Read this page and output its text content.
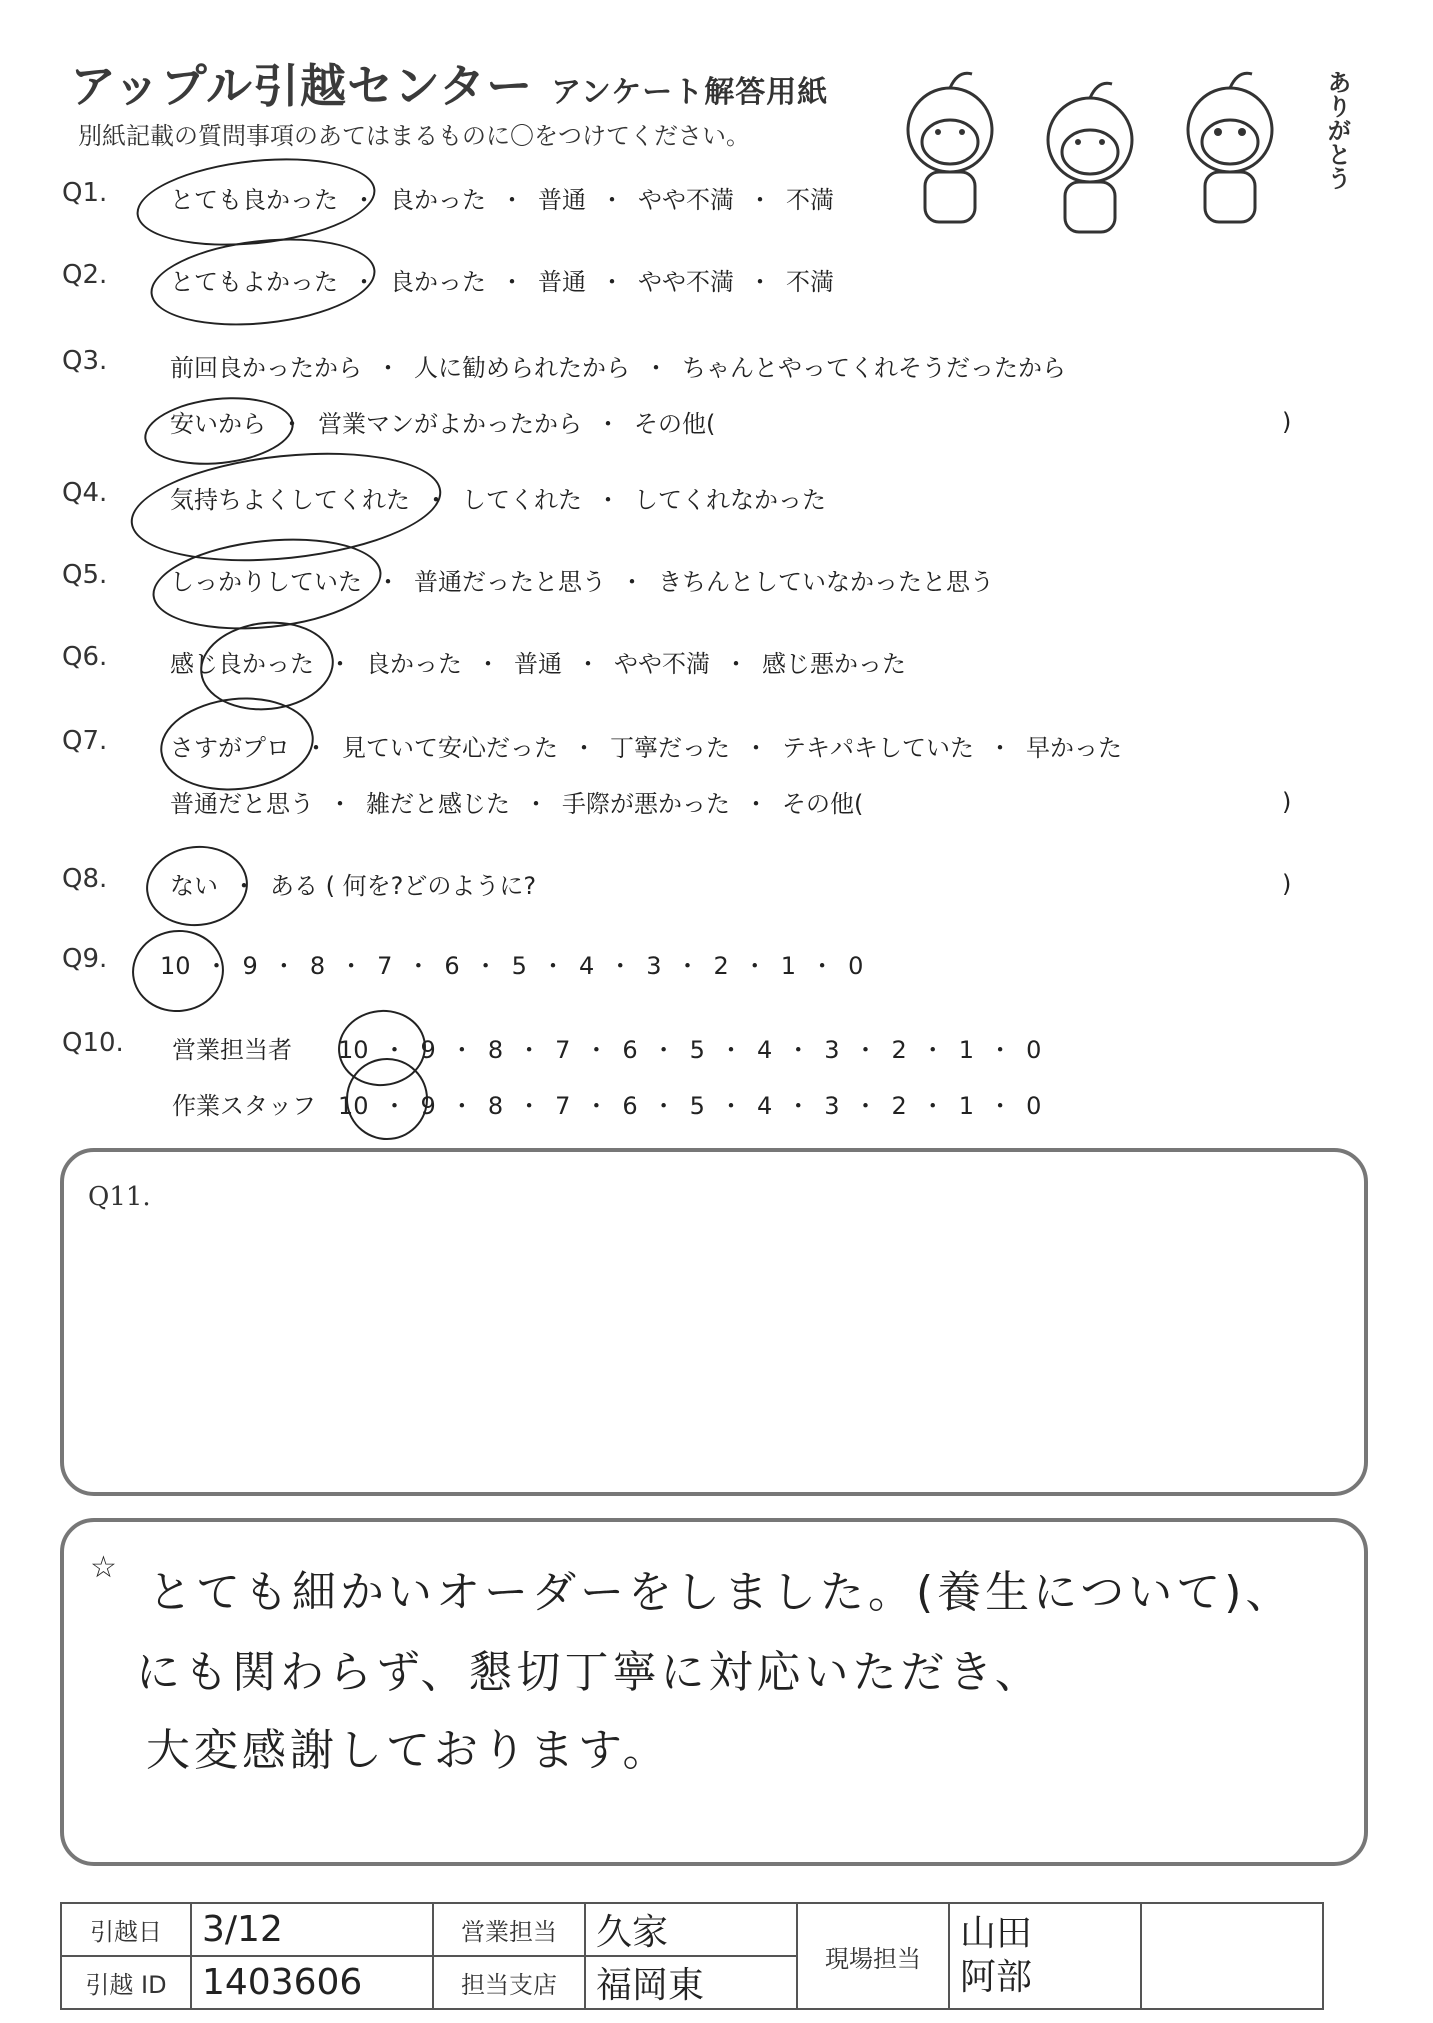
アップル引越センター アンケート解答用紙
別紙記載の質問事項のあてはまるものに〇をつけてください。	ありがとう
Q1.	とても良かった ・ 良かった ・ 普通 ・ やや不満 ・ 不満
Q2.	とてもよかった ・ 良かった ・ 普通 ・ やや不満 ・ 不満
Q3.	前回良かったから ・ 人に勧められたから ・ ちゃんとやってくれそうだったから
安いから ・ 営業マンがよかったから ・ その他(	)
Q4.	気持ちよくしてくれた ・ してくれた ・ してくれなかった
Q5.	しっかりしていた ・ 普通だったと思う ・ きちんとしていなかったと思う
Q6.	感じ良かった ・ 良かった ・ 普通 ・ やや不満 ・ 感じ悪かった
Q7.	さすがプロ ・ 見ていて安心だった ・ 丁寧だった ・ テキパキしていた ・ 早かった
普通だと思う ・ 雑だと感じた ・ 手際が悪かった ・ その他(	)
Q8.	ない ・ ある ( 何を?どのように?	)
Q9. 10 ・ 9 ・ 8 ・ 7 ・ 6 ・ 5 ・ 4 ・ 3 ・ 2 ・ 1 ・ 0
Q10. 営業担当者 10 ・ 9 ・ 8 ・ 7 ・ 6 ・ 5 ・ 4 ・ 3 ・ 2 ・ 1 ・ 0
作業スタッフ 10 ・ 9 ・ 8 ・ 7 ・ 6 ・ 5 ・ 4 ・ 3 ・ 2 ・ 1 ・ 0
Q11.
☆ とても細かいオーダーをしました。(養生について)、
にも関わらず、懇切丁寧に対応いただき、
大変感謝しております。
引越日	3/12	営業担当	久家	現場担当	山田
阿部	

引越 ID	1403606	担当支店	福岡東			
